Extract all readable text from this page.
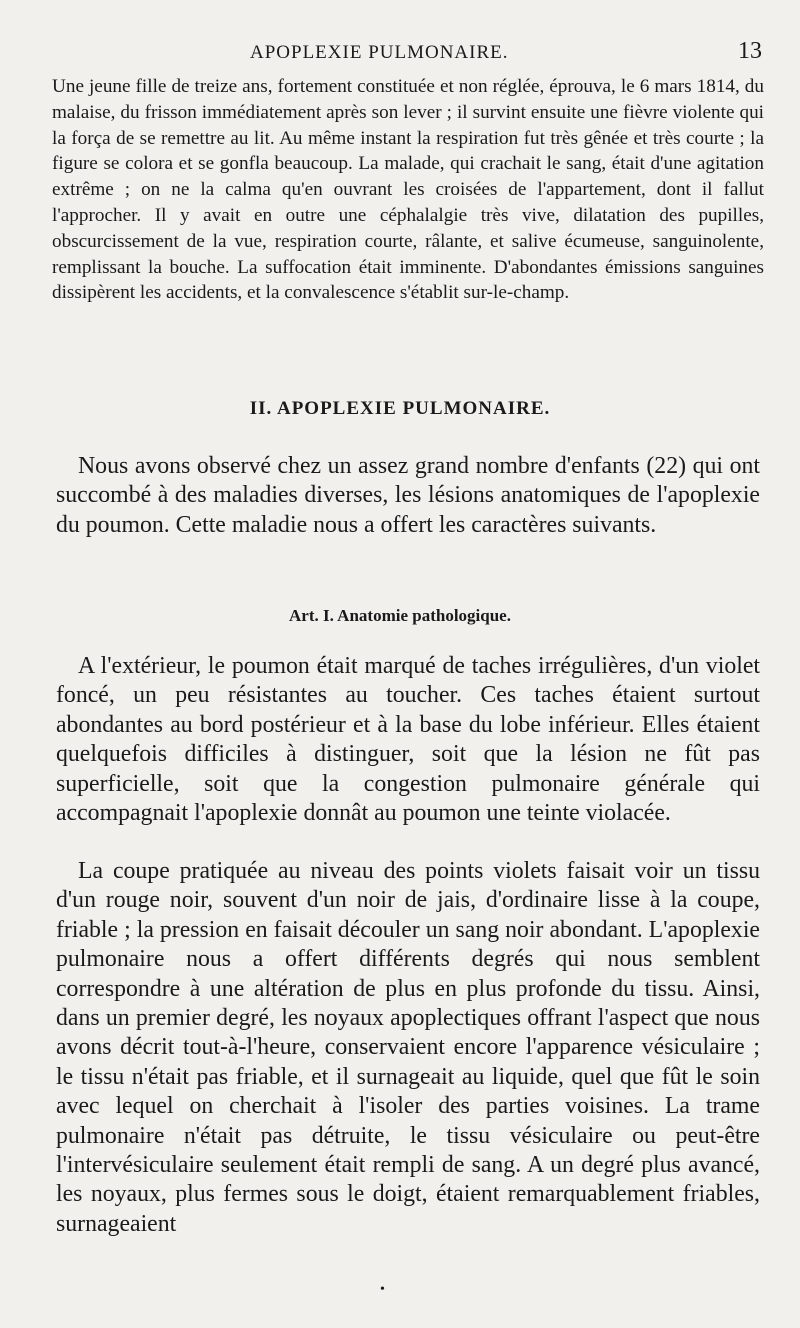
APOPLEXIE PULMONAIRE.	13

Une jeune fille de treize ans, fortement constituée et non réglée, éprouva, le 6 mars 1814, du malaise, du frisson immédiatement après son lever ; il survint ensuite une fièvre violente qui la força de se remettre au lit. Au même instant la respiration fut très gênée et très courte ; la figure se colora et se gonfla beaucoup. La malade, qui crachait le sang, était d'une agitation extrême ; on ne la calma qu'en ouvrant les croisées de l'appartement, dont il fallut l'approcher. Il y avait en outre une céphalalgie très vive, dilatation des pupilles, obscurcissement de la vue, respiration courte, râlante, et salive écumeuse, sanguinolente, remplissant la bouche. La suffocation était imminente. D'abondantes émissions sanguines dissipèrent les accidents, et la convalescence s'établit sur-le-champ.

II. APOPLEXIE PULMONAIRE.

Nous avons observé chez un assez grand nombre d'enfants (22) qui ont succombé à des maladies diverses, les lésions anatomiques de l'apoplexie du poumon. Cette maladie nous a offert les caractères suivants.

Art. I. Anatomie pathologique.

A l'extérieur, le poumon était marqué de taches irrégulières, d'un violet foncé, un peu résistantes au toucher. Ces taches étaient surtout abondantes au bord postérieur et à la base du lobe inférieur. Elles étaient quelquefois difficiles à distinguer, soit que la lésion ne fût pas superficielle, soit que la congestion pulmonaire générale qui accompagnait l'apoplexie donnât au poumon une teinte violacée.

La coupe pratiquée au niveau des points violets faisait voir un tissu d'un rouge noir, souvent d'un noir de jais, d'ordinaire lisse à la coupe, friable ; la pression en faisait découler un sang noir abondant. L'apoplexie pulmonaire nous a offert différents degrés qui nous semblent correspondre à une altération de plus en plus profonde du tissu. Ainsi, dans un premier degré, les noyaux apoplectiques offrant l'aspect que nous avons décrit tout-à-l'heure, conservaient encore l'apparence vésiculaire ; le tissu n'était pas friable, et il surnageait au liquide, quel que fût le soin avec lequel on cherchait à l'isoler des parties voisines. La trame pulmonaire n'était pas détruite, le tissu vésiculaire ou peut-être l'intervésiculaire seulement était rempli de sang. A un degré plus avancé, les noyaux, plus fermes sous le doigt, étaient remarquablement friables, surnageaient

•
